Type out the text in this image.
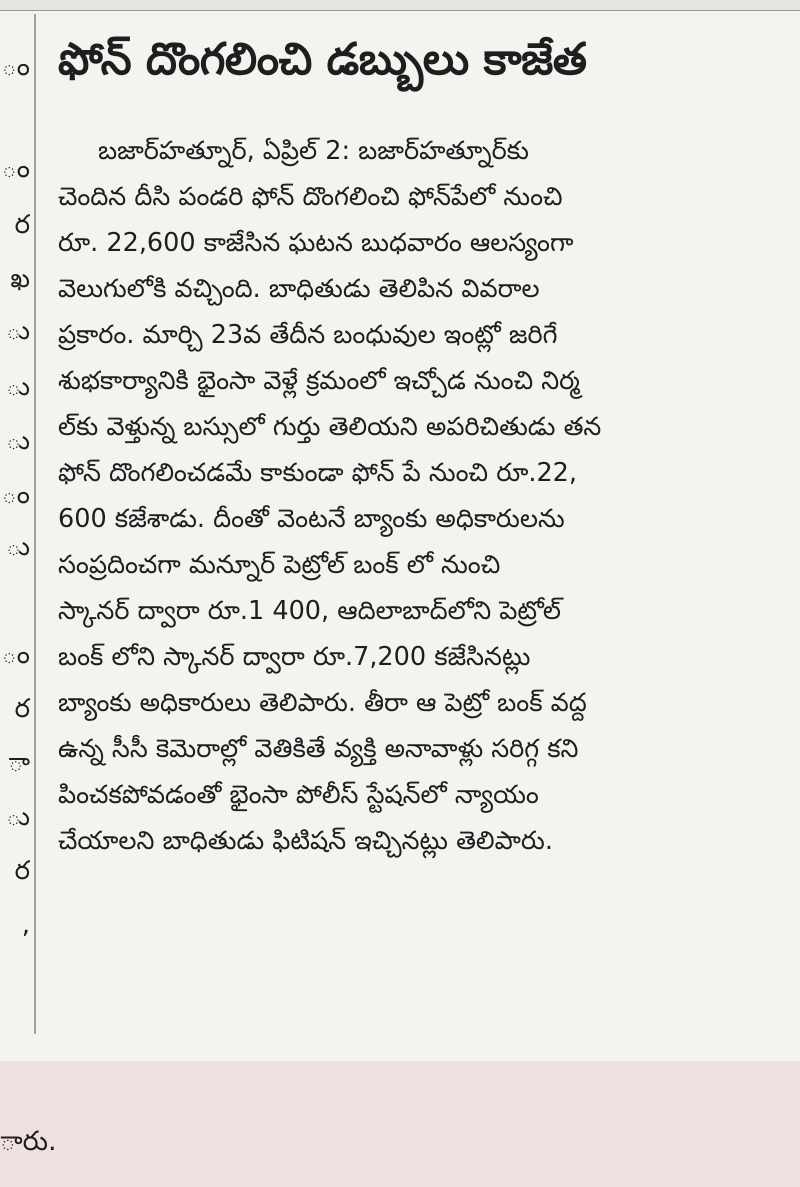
ం
ం
ర
ఖ
ు
ు
ు
ం
ు
ం
ర
ా
ు
ర
,
ఫోన్ దొంగలించి డబ్బులు కాజేత
బజార్‌హత్నూర్, ఏప్రిల్ 2: బజార్‌హత్నూర్‌కు
చెందిన దీసి పండరి ఫోన్ దొంగలించి ఫోన్‌పేలో నుంచి
రూ. 22,600 కాజేసిన ఘటన బుధవారం ఆలస్యంగా
వెలుగులోకి వచ్చింది. బాధితుడు తెలిపిన వివరాల
ప్రకారం. మార్చి 23వ తేదీన బంధువుల ఇంట్లో జరిగే
శుభకార్యానికి భైంసా వెళ్లే క్రమంలో ఇచ్చోడ నుంచి నిర్మ
ల్‌కు వెళ్తున్న బస్సులో గుర్తు తెలియని అపరిచితుడు తన
ఫోన్ దొంగలించడమే కాకుండా ఫోన్ పే నుంచి రూ.22,
600 కజేశాడు. దీంతో వెంటనే బ్యాంకు అధికారులను
సంప్రదించగా మన్నూర్ పెట్రోల్ బంక్ లో నుంచి
స్కానర్ ద్వారా రూ.1 400, ఆదిలాబాద్‌లోని పెట్రోల్
బంక్ లోని స్కానర్ ద్వారా రూ.7,200 కజేసినట్లు
బ్యాంకు అధికారులు తెలిపారు. తీరా ఆ పెట్రో బంక్ వద్ద
ఉన్న సీసీ కెమెరాల్లో వెతికితే వ్యక్తి అనావాళ్లు సరిగ్గ కని
పించకపోవడంతో భైంసా పోలీస్ స్టేషన్‌లో న్యాయం
చేయాలని బాధితుడు ఫిటిషన్ ఇచ్చినట్లు తెలిపారు.
ారు.
